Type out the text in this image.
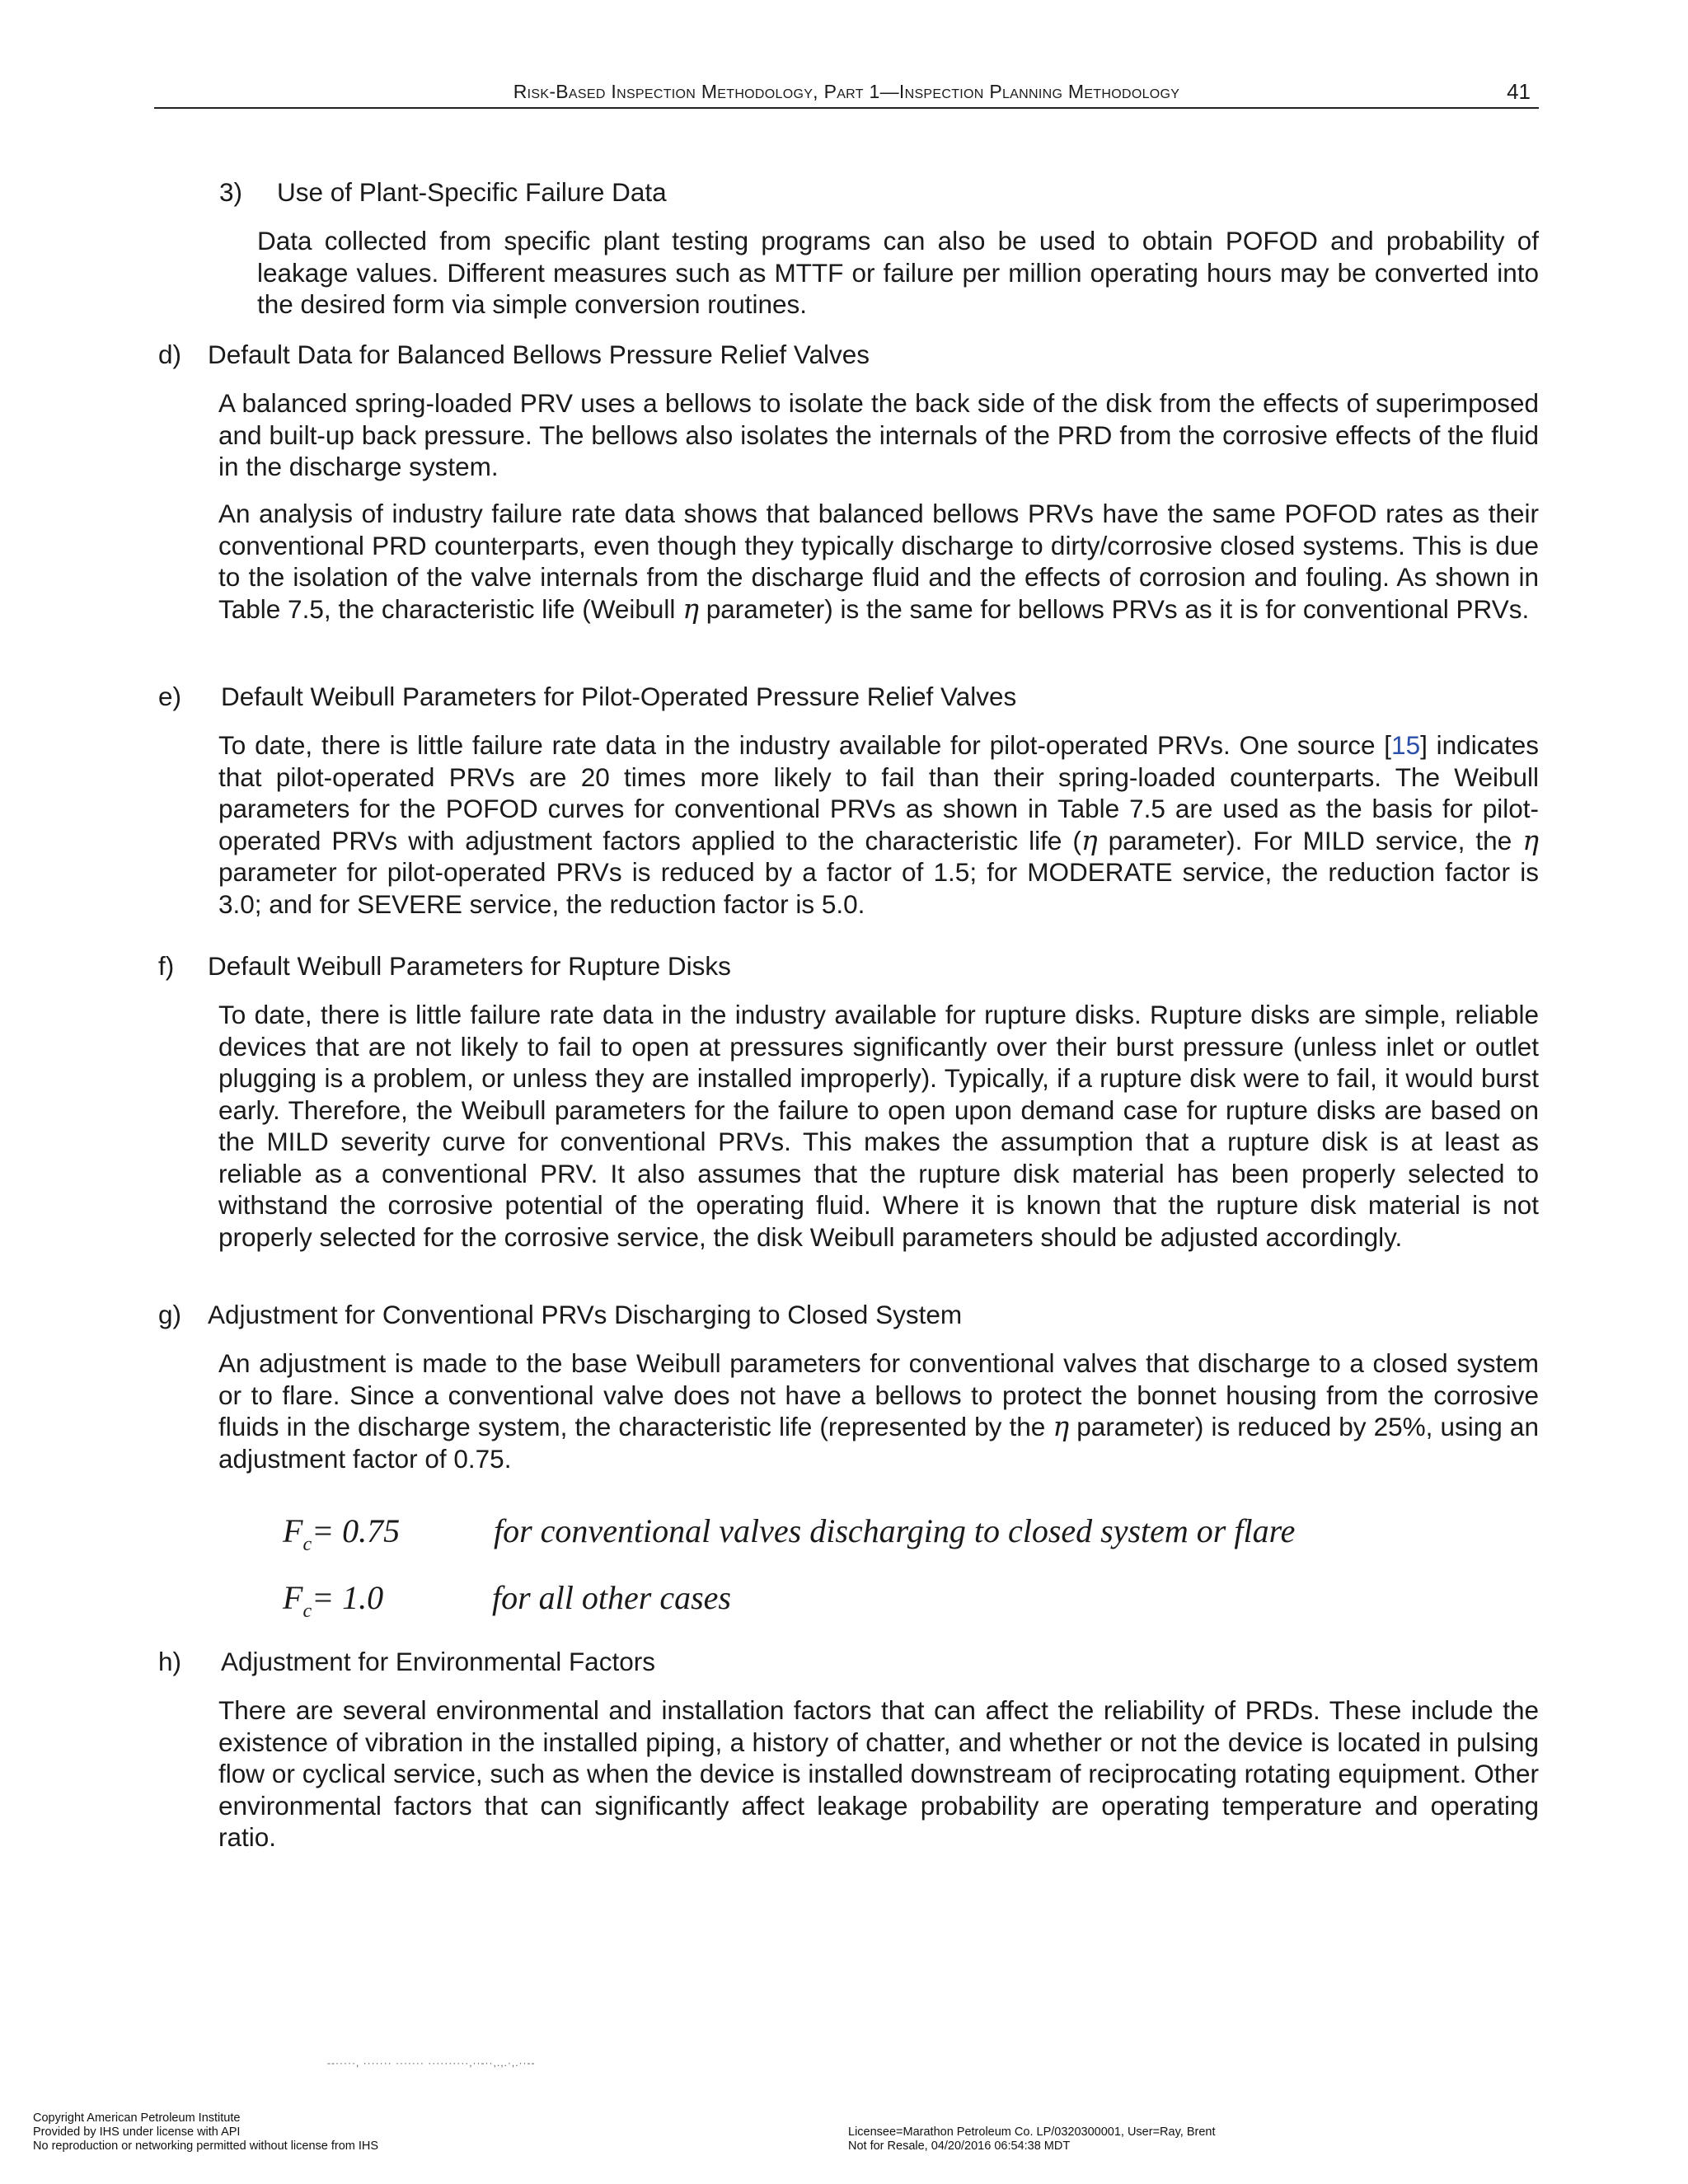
Risk-Based Inspection Methodology, Part 1—Inspection Planning Methodology	41
3) Use of Plant-Specific Failure Data

Data collected from specific plant testing programs can also be used to obtain POFOD and probability of leakage values. Different measures such as MTTF or failure per million operating hours may be converted into the desired form via simple conversion routines.

d) Default Data for Balanced Bellows Pressure Relief Valves

A balanced spring-loaded PRV uses a bellows to isolate the back side of the disk from the effects of superimposed and built-up back pressure. The bellows also isolates the internals of the PRD from the corrosive effects of the fluid in the discharge system.

An analysis of industry failure rate data shows that balanced bellows PRVs have the same POFOD rates as their conventional PRD counterparts, even though they typically discharge to dirty/corrosive closed systems. This is due to the isolation of the valve internals from the discharge fluid and the effects of corrosion and fouling. As shown in Table 7.5, the characteristic life (Weibull η parameter) is the same for bellows PRVs as it is for conventional PRVs.

e) Default Weibull Parameters for Pilot-Operated Pressure Relief Valves

To date, there is little failure rate data in the industry available for pilot-operated PRVs. One source [15] indicates that pilot-operated PRVs are 20 times more likely to fail than their spring-loaded counterparts. The Weibull parameters for the POFOD curves for conventional PRVs as shown in Table 7.5 are used as the basis for pilot-operated PRVs with adjustment factors applied to the characteristic life (η parameter). For MILD service, the η parameter for pilot-operated PRVs is reduced by a factor of 1.5; for MODERATE service, the reduction factor is 3.0; and for SEVERE service, the reduction factor is 5.0.

f) Default Weibull Parameters for Rupture Disks

To date, there is little failure rate data in the industry available for rupture disks. Rupture disks are simple, reliable devices that are not likely to fail to open at pressures significantly over their burst pressure (unless inlet or outlet plugging is a problem, or unless they are installed improperly). Typically, if a rupture disk were to fail, it would burst early. Therefore, the Weibull parameters for the failure to open upon demand case for rupture disks are based on the MILD severity curve for conventional PRVs. This makes the assumption that a rupture disk is at least as reliable as a conventional PRV. It also assumes that the rupture disk material has been properly selected to withstand the corrosive potential of the operating fluid. Where it is known that the rupture disk material is not properly selected for the corrosive service, the disk Weibull parameters should be adjusted accordingly.

g) Adjustment for Conventional PRVs Discharging to Closed System

An adjustment is made to the base Weibull parameters for conventional valves that discharge to a closed system or to flare. Since a conventional valve does not have a bellows to protect the bonnet housing from the corrosive fluids in the discharge system, the characteristic life (represented by the η parameter) is reduced by 25%, using an adjustment factor of 0.75.

$F_c= 0.75$	for conventional valves discharging to closed system or flare
$F_c= 1.0$	for all other cases
h) Adjustment for Environmental Factors

There are several environmental and installation factors that can affect the reliability of PRDs. These include the existence of vibration in the installed piping, a history of chatter, and whether or not the device is located in pulsing flow or cyclical service, such as when the device is installed downstream of reciprocating rotating equipment. Other environmental factors that can significantly affect leakage probability are operating temperature and operating ratio.

--·····, ······· ······· ··········,··-··,.,.·,.··--
Copyright American Petroleum Institute
Provided by IHS under license with API
No reproduction or networking permitted without license from IHS
Licensee=Marathon Petroleum Co. LP/0320300001, User=Ray, Brent
Not for Resale, 04/20/2016 06:54:38 MDT
